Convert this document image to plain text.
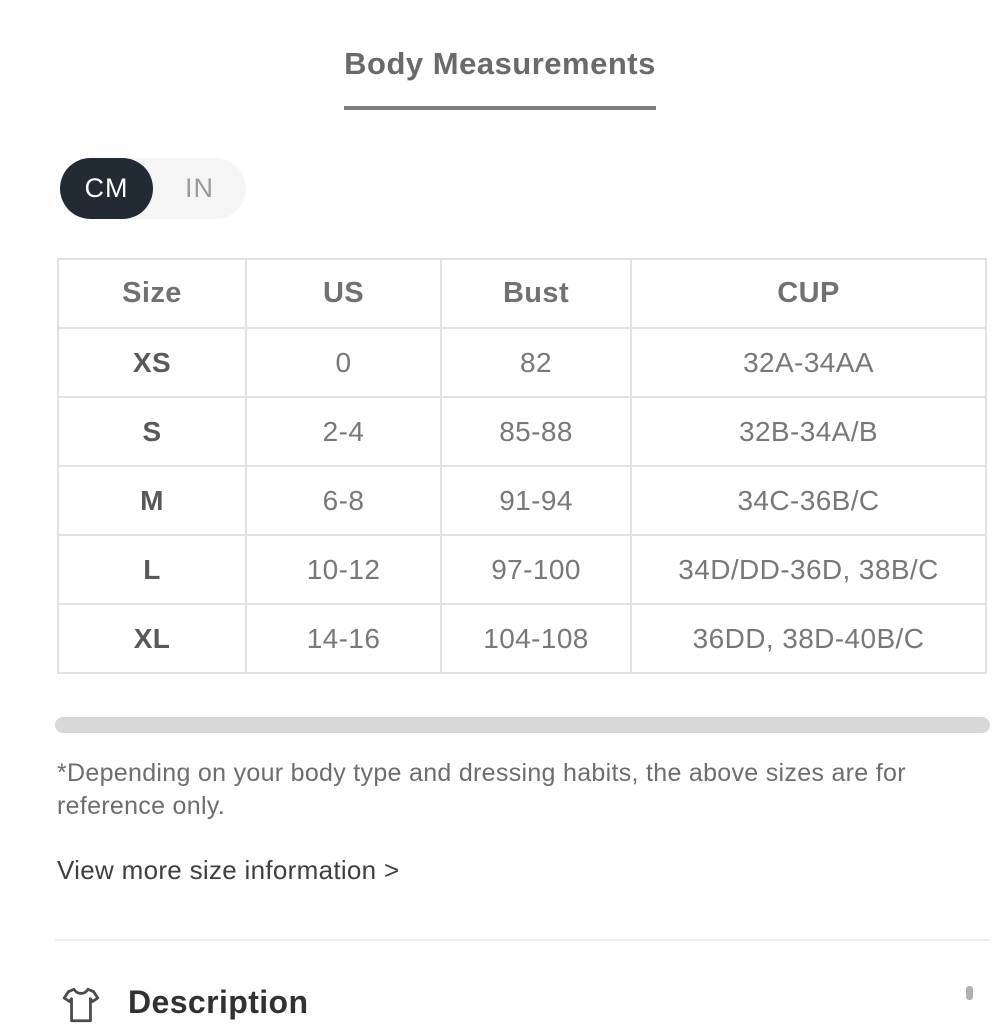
Body Measurements
CM	IN
Size	US	Bust	CUP
XS	0	82	32A-34AA
S	2-4	85-88	32B-34A/B
M	6-8	91-94	34C-36B/C
L	10-12	97-100	34D/DD-36D, 38B/C
XL	14-16	104-108	36DD, 38D-40B/C
*Depending on your body type and dressing habits, the above sizes are for reference only.
View more size information >
Description
